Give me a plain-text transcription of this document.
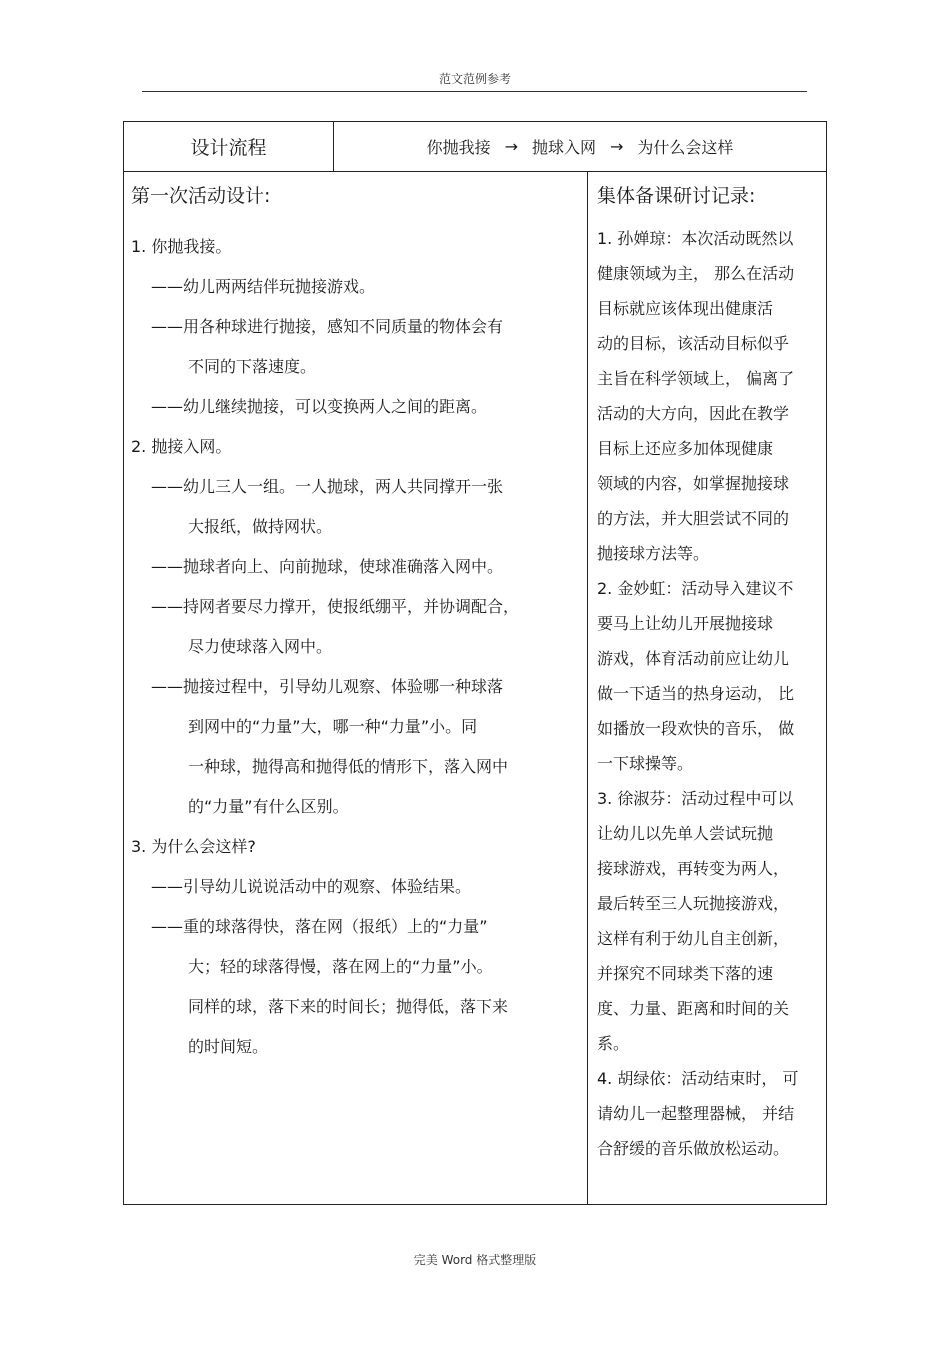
范文范例参考
设计流程	你抛我接 → 抛球入网 → 为什么会这样
第一次活动设计:
1. 你抛我接。
——幼儿两两结伴玩抛接游戏。
——用各种球进行抛接，感知不同质量的物体会有
不同的下落速度。
——幼儿继续抛接，可以变换两人之间的距离。
2. 抛接入网。
——幼儿三人一组。一人抛球，两人共同撑开一张
大报纸，做持网状。
——抛球者向上、向前抛球，使球准确落入网中。
——持网者要尽力撑开，使报纸绷平，并协调配合，
尽力使球落入网中。
——抛接过程中，引导幼儿观察、体验哪一种球落
到网中的“力量”大，哪一种“力量”小。同
一种球，抛得高和抛得低的情形下，落入网中
的“力量”有什么区别。
3. 为什么会这样?
——引导幼儿说说活动中的观察、体验结果。
——重的球落得快，落在网（报纸）上的“力量”
大；轻的球落得慢，落在网上的“力量”小。
同样的球，落下来的时间长；抛得低，落下来
的时间短。
集体备课研讨记录:
1. 孙婵琼：本次活动既然以
健康领域为主， 那么在活动
目标就应该体现出健康活
动的目标，该活动目标似乎
主旨在科学领域上， 偏离了
活动的大方向，因此在教学
目标上还应多加体现健康
领域的内容，如掌握抛接球
的方法，并大胆尝试不同的
抛接球方法等。
2. 金妙虹：活动导入建议不
要马上让幼儿开展抛接球
游戏，体育活动前应让幼儿
做一下适当的热身运动， 比
如播放一段欢快的音乐， 做
一下球操等。
3. 徐淑芬：活动过程中可以
让幼儿以先单人尝试玩抛
接球游戏，再转变为两人，
最后转至三人玩抛接游戏，
这样有利于幼儿自主创新，
并探究不同球类下落的速
度、力量、距离和时间的关
系。
4. 胡绿依：活动结束时， 可
请幼儿一起整理器械， 并结
合舒缓的音乐做放松运动。
完美 Word 格式整理版
